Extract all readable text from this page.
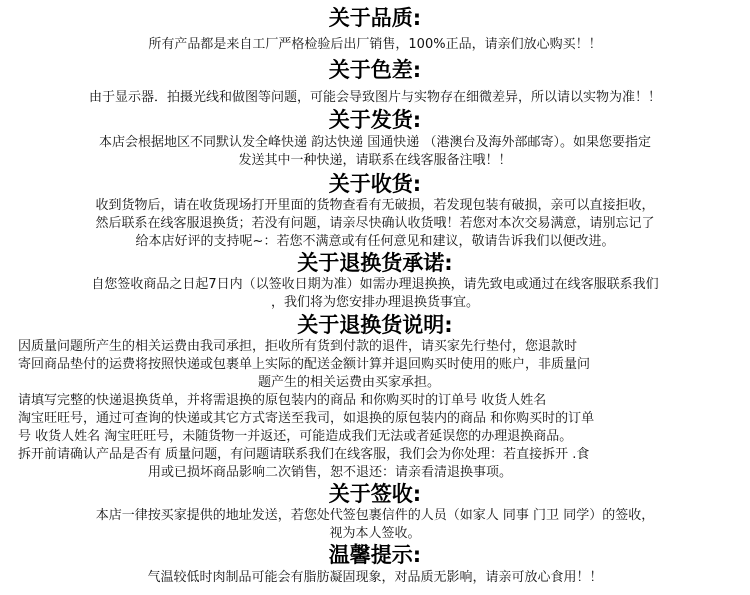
关于品质:
所有产品都是来自工厂严格检验后出厂销售，100%正品，请亲们放心购买！！
关于色差:
由于显示器．拍摄光线和做图等问题，可能会导致图片与实物存在细微差异，所以请以实物为准！！
关于发货:
本店会根据地区不同默认发全峰快递 韵达快递 国通快递 （港澳台及海外部邮寄）。如果您要指定
发送其中一种快递，请联系在线客服备注哦！！
关于收货:
收到货物后，请在收货现场打开里面的货物查看有无破损，若发现包装有破损，亲可以直接拒收，
然后联系在线客服退换货；若没有问题，请亲尽快确认收货哦！若您对本次交易满意，请别忘记了
给本店好评的支持呢~：若您不满意或有任何意见和建议，敬请告诉我们以便改进。
关于退换货承诺:
自您签收商品之日起7日内（以签收日期为准）如需办理退换换，请先致电或通过在线客服联系我们
，我们将为您安排办理退换货事宜。
关于退换货说明:
因质量问题所产生的相关运费由我司承担，拒收所有货到付款的退件，请买家先行垫付，您退款时
寄回商品垫付的运费将按照快递或包裹单上实际的配送金额计算并退回购买时使用的账户，非质量问
题产生的相关运费由买家承担。
请填写完整的快递退换货单，并将需退换的原包装内的商品 和你购买时的订单号 收货人姓名
淘宝旺旺号，通过可查询的快递或其它方式寄送至我司，如退换的原包装内的商品 和你购买时的订单
号 收货人姓名 淘宝旺旺号，未随货物一并返还，可能造成我们无法或者延误您的办理退换商品。
拆开前请确认产品是否有 质量问题，有问题请联系我们在线客服，我们会为你处理：若直接拆开 .食
用或已损坏商品影响二次销售，恕不退还：请亲看清退换事项。
关于签收:
本店一律按买家提供的地址发送，若您处代签包裹信件的人员（如家人 同事 门卫 同学）的签收，
视为本人签收。
温馨提示:
气温较低时肉制品可能会有脂肪凝固现象，对品质无影响，请亲可放心食用！！
